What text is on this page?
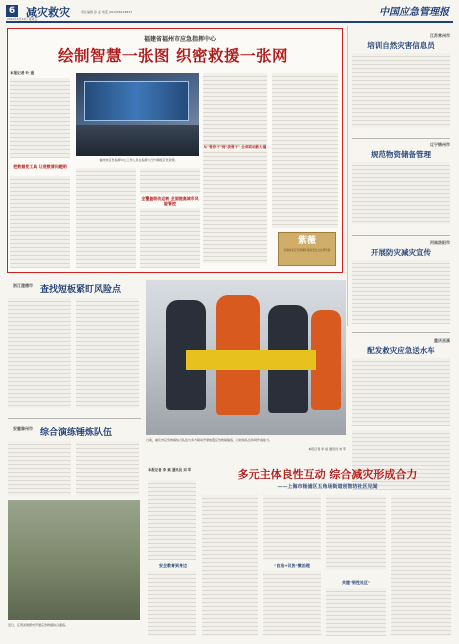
6
2024年5月24日 星期五
减灾救灾	责任编辑 孙 亚 电话 (010)58124837	中国应急管理报
福建省福州市应急指挥中心
绘制智慧一张图 织密救援一张网
本报记者 叶 通
福州市应急指挥中心工作人员在指挥大厅内调度应急资源。
把数据变工具 让底数清问题明
全覆盖联动运转 全面提高城市风险管控
从"要你干"到"我要干" 全省联动新力量
紫薇
全国首家应急管理系统的安全文化研究院
江苏常州市
培训自然灾害信息员
辽宁锦州市
规范物资储备管理
河南洛阳市
开展防灾减灾宣传
重庆巫溪
配发救灾应急送水车
浙江建德市 查找短板紧盯风险点
安徽滁州市 综合演练锤炼队伍
近日，江西省建德市开展应急救援综合演练。
日前，重庆市应急救援综合队伍与多方联动开展地震应急救援演练，以检验队伍协同作战能力。
本报记者 李 斌 通讯员 刘 军
多元主体良性互动 综合减灾形成合力
——上海市杨浦区五角场街道创智坊社区见闻
本报记者 李 斌 通讯员 刘 军
安全教育到身边	"自治+议协"微治理
共建"韧性社区"
